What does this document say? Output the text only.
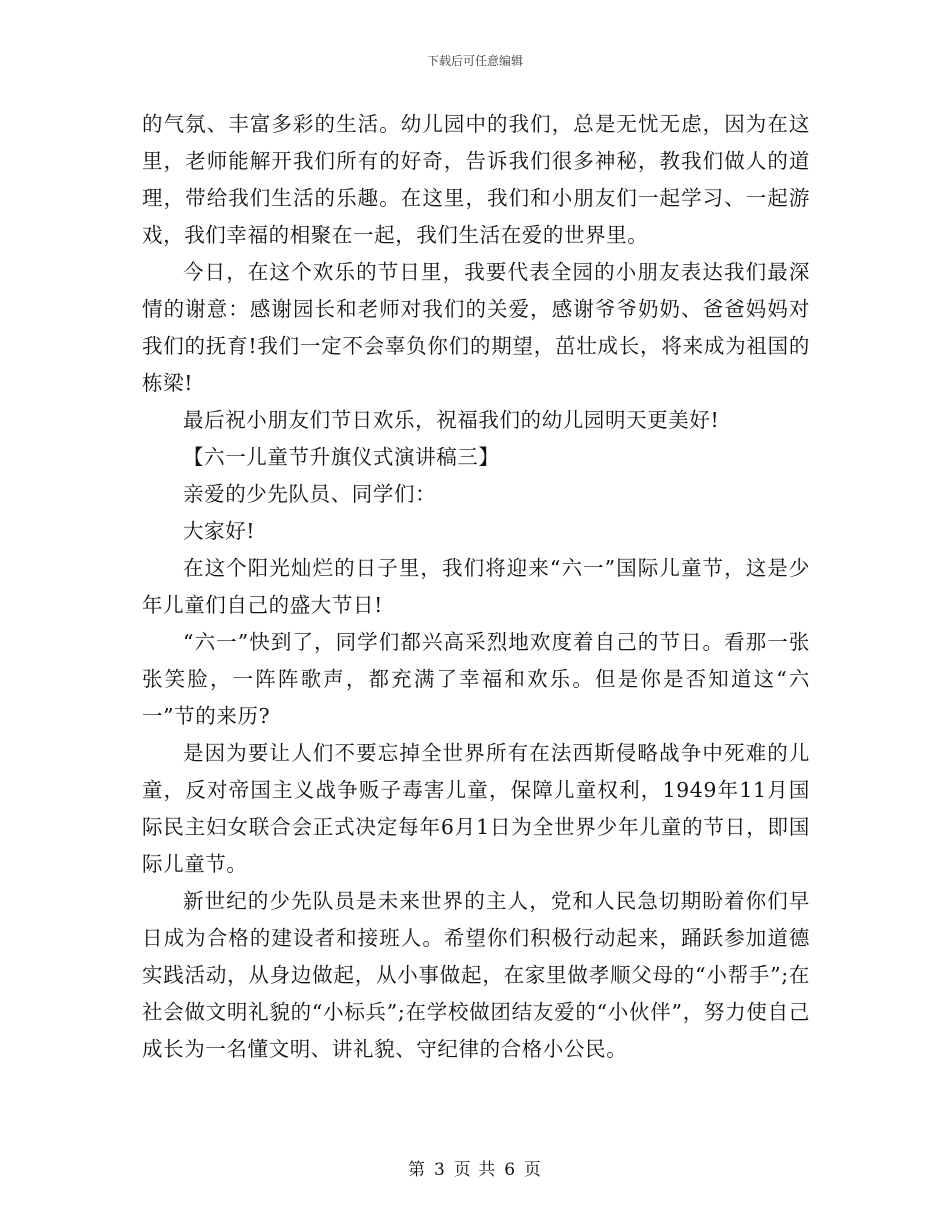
下载后可任意编辑

的气氛、丰富多彩的生活。幼儿园中的我们，总是无忧无虑，因为在这里，老师能解开我们所有的好奇，告诉我们很多神秘，教我们做人的道理，带给我们生活的乐趣。在这里，我们和小朋友们一起学习、一起游戏，我们幸福的相聚在一起，我们生活在爱的世界里。

今日，在这个欢乐的节日里，我要代表全园的小朋友表达我们最深情的谢意：感谢园长和老师对我们的关爱，感谢爷爷奶奶、爸爸妈妈对我们的抚育!我们一定不会辜负你们的期望，茁壮成长，将来成为祖国的栋梁!

最后祝小朋友们节日欢乐，祝福我们的幼儿园明天更美好!

【六一儿童节升旗仪式演讲稿三】

亲爱的少先队员、同学们：

大家好!

在这个阳光灿烂的日子里，我们将迎来“六一”国际儿童节，这是少年儿童们自己的盛大节日!

“六一”快到了，同学们都兴高采烈地欢度着自己的节日。看那一张张笑脸，一阵阵歌声，都充满了幸福和欢乐。但是你是否知道这“六一”节的来历?

是因为要让人们不要忘掉全世界所有在法西斯侵略战争中死难的儿童，反对帝国主义战争贩子毒害儿童，保障儿童权利，1949年11月国际民主妇女联合会正式决定每年6月1日为全世界少年儿童的节日，即国际儿童节。

新世纪的少先队员是未来世界的主人，党和人民急切期盼着你们早日成为合格的建设者和接班人。希望你们积极行动起来，踊跃参加道德实践活动，从身边做起，从小事做起，在家里做孝顺父母的“小帮手”;在社会做文明礼貌的“小标兵”;在学校做团结友爱的“小伙伴”，努力使自己成长为一名懂文明、讲礼貌、守纪律的合格小公民。

第 3 页 共 6 页
